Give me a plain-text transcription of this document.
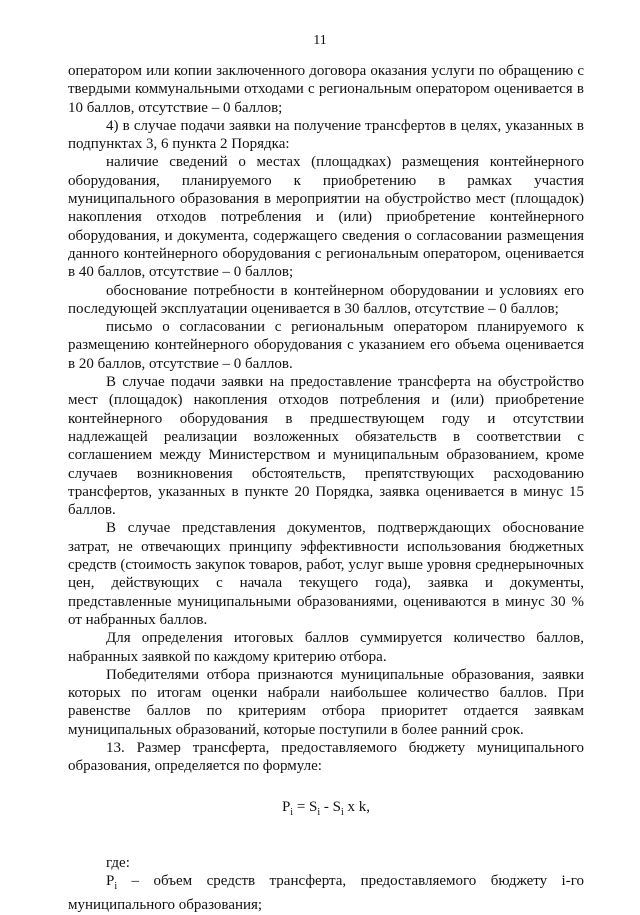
11

оператором или копии заключенного договора оказания услуги по обращению с твердыми коммунальными отходами с региональным оператором оценивается в 10 баллов, отсутствие – 0 баллов;

4) в случае подачи заявки на получение трансфертов в целях, указанных в подпунктах 3, 6 пункта 2 Порядка:

наличие сведений о местах (площадках) размещения контейнерного оборудования, планируемого к приобретению в рамках участия муниципального образования в мероприятии на обустройство мест (площадок) накопления отходов потребления и (или) приобретение контейнерного оборудования, и документа, содержащего сведения о согласовании размещения данного контейнерного оборудования с региональным оператором, оценивается в 40 баллов, отсутствие – 0 баллов;

обоснование потребности в контейнерном оборудовании и условиях его последующей эксплуатации оценивается в 30 баллов, отсутствие – 0 баллов;

письмо о согласовании с региональным оператором планируемого к размещению контейнерного оборудования с указанием его объема оценивается в 20 баллов, отсутствие – 0 баллов.

В случае подачи заявки на предоставление трансферта на обустройство мест (площадок) накопления отходов потребления и (или) приобретение контейнерного оборудования в предшествующем году и отсутствии надлежащей реализации возложенных обязательств в соответствии с соглашением между Министерством и муниципальным образованием, кроме случаев возникновения обстоятельств, препятствующих расходованию трансфертов, указанных в пункте 20 Порядка, заявка оценивается в минус 15 баллов.

В случае представления документов, подтверждающих обоснование затрат, не отвечающих принципу эффективности использования бюджетных средств (стоимость закупок товаров, работ, услуг выше уровня среднерыночных цен, действующих с начала текущего года), заявка и документы, представленные муниципальными образованиями, оцениваются в минус 30 % от набранных баллов.

Для определения итоговых баллов суммируется количество баллов, набранных заявкой по каждому критерию отбора.

Победителями отбора признаются муниципальные образования, заявки которых по итогам оценки набрали наибольшее количество баллов. При равенстве баллов по критериям отбора приоритет отдается заявкам муниципальных образований, которые поступили в более ранний срок.

13. Размер трансферта, предоставляемого бюджету муниципального образования, определяется по формуле:

$P_i = S_i - S_i$ x k,

где:

$P_i$ – объем средств трансферта, предоставляемого бюджету i-го муниципального образования;
